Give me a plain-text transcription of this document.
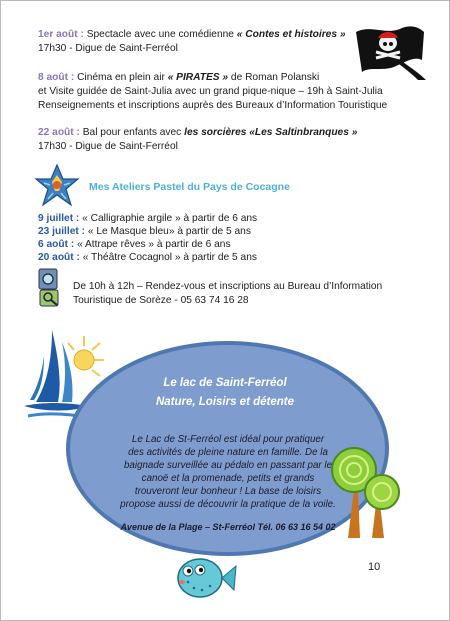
1er août : Spectacle avec une comédienne « Contes et histoires »
17h30 - Digue de Saint-Ferréol
8 août : Cinéma en plein air « PIRATES » de Roman Polanski
et Visite guidée de Saint-Julia avec un grand pique-nique – 19h à Saint-Julia
Renseignements et inscriptions auprès des Bureaux d’Information Touristique
22 août : Bal pour enfants avec les sorcières «Les Saltinbranques »
17h30 - Digue de Saint-Ferréol
Mes Ateliers Pastel du Pays de Cocagne
9 juillet : « Calligraphie argile » à partir de 6 ans
23 juillet : « Le Masque bleu» à partir de 5 ans
6 août : « Attrape rêves » à partir de 6 ans
20 août : « Théâtre Cocagnol » à partir de 5 ans
De 10h à 12h – Rendez-vous et inscriptions au Bureau d’Information
Touristique de Sorèze - 05 63 74 16 28
Le lac de Saint-Ferréol
Nature, Loisirs et détente
Le Lac de St-Ferréol est idéal pour pratiquer
des activités de pleine nature en famille. De la
baignade surveillée au pédalo en passant par le
canoë et la promenade, petits et grands
trouveront leur bonheur ! La base de loisirs
propose aussi de découvrir la pratique de la voile.
Avenue de la Plage – St-Ferréol Tél. 06 63 16 54 02
10
